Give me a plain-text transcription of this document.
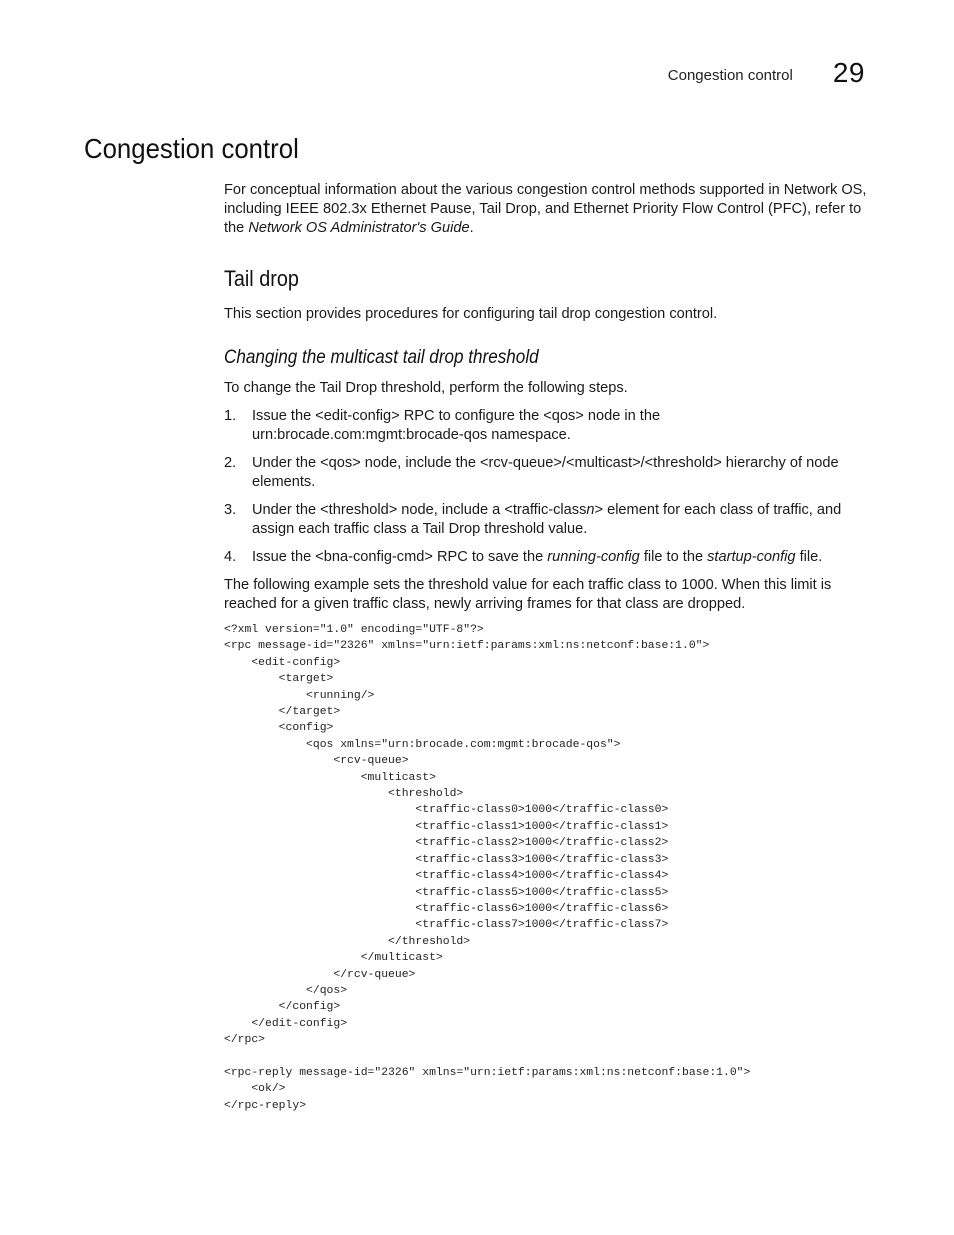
Congestion control 29
Congestion control

For conceptual information about the various congestion control methods supported in Network OS, including IEEE 802.3x Ethernet Pause, Tail Drop, and Ethernet Priority Flow Control (PFC), refer to the Network OS Administrator's Guide.

Tail drop

This section provides procedures for configuring tail drop congestion control.

Changing the multicast tail drop threshold

To change the Tail Drop threshold, perform the following steps.

1.	Issue the <edit-config> RPC to configure the <qos> node in the urn:brocade.com:mgmt:brocade-qos namespace.
2.	Under the <qos> node, include the <rcv-queue>/<multicast>/<threshold> hierarchy of node elements.
3.	Under the <threshold> node, include a <traffic-classn> element for each class of traffic, and assign each traffic class a Tail Drop threshold value.
4.	Issue the <bna-config-cmd> RPC to save the running-config file to the startup-config file.

The following example sets the threshold value for each traffic class to 1000. When this limit is reached for a given traffic class, newly arriving frames for that class are dropped.

<?xml version="1.0" encoding="UTF-8"?>
<rpc message-id="2326" xmlns="urn:ietf:params:xml:ns:netconf:base:1.0">
<edit-config>
<target>
<running/>
</target>
<config>
<qos xmlns="urn:brocade.com:mgmt:brocade-qos">
<rcv-queue>
<multicast>
<threshold>
<traffic-class0>1000</traffic-class0>
<traffic-class1>1000</traffic-class1>
<traffic-class2>1000</traffic-class2>
<traffic-class3>1000</traffic-class3>
<traffic-class4>1000</traffic-class4>
<traffic-class5>1000</traffic-class5>
<traffic-class6>1000</traffic-class6>
<traffic-class7>1000</traffic-class7>
</threshold>
</multicast>
</rcv-queue>
</qos>
</config>
</edit-config>
</rpc>

<rpc-reply message-id="2326" xmlns="urn:ietf:params:xml:ns:netconf:base:1.0">
<ok/>
</rpc-reply>
